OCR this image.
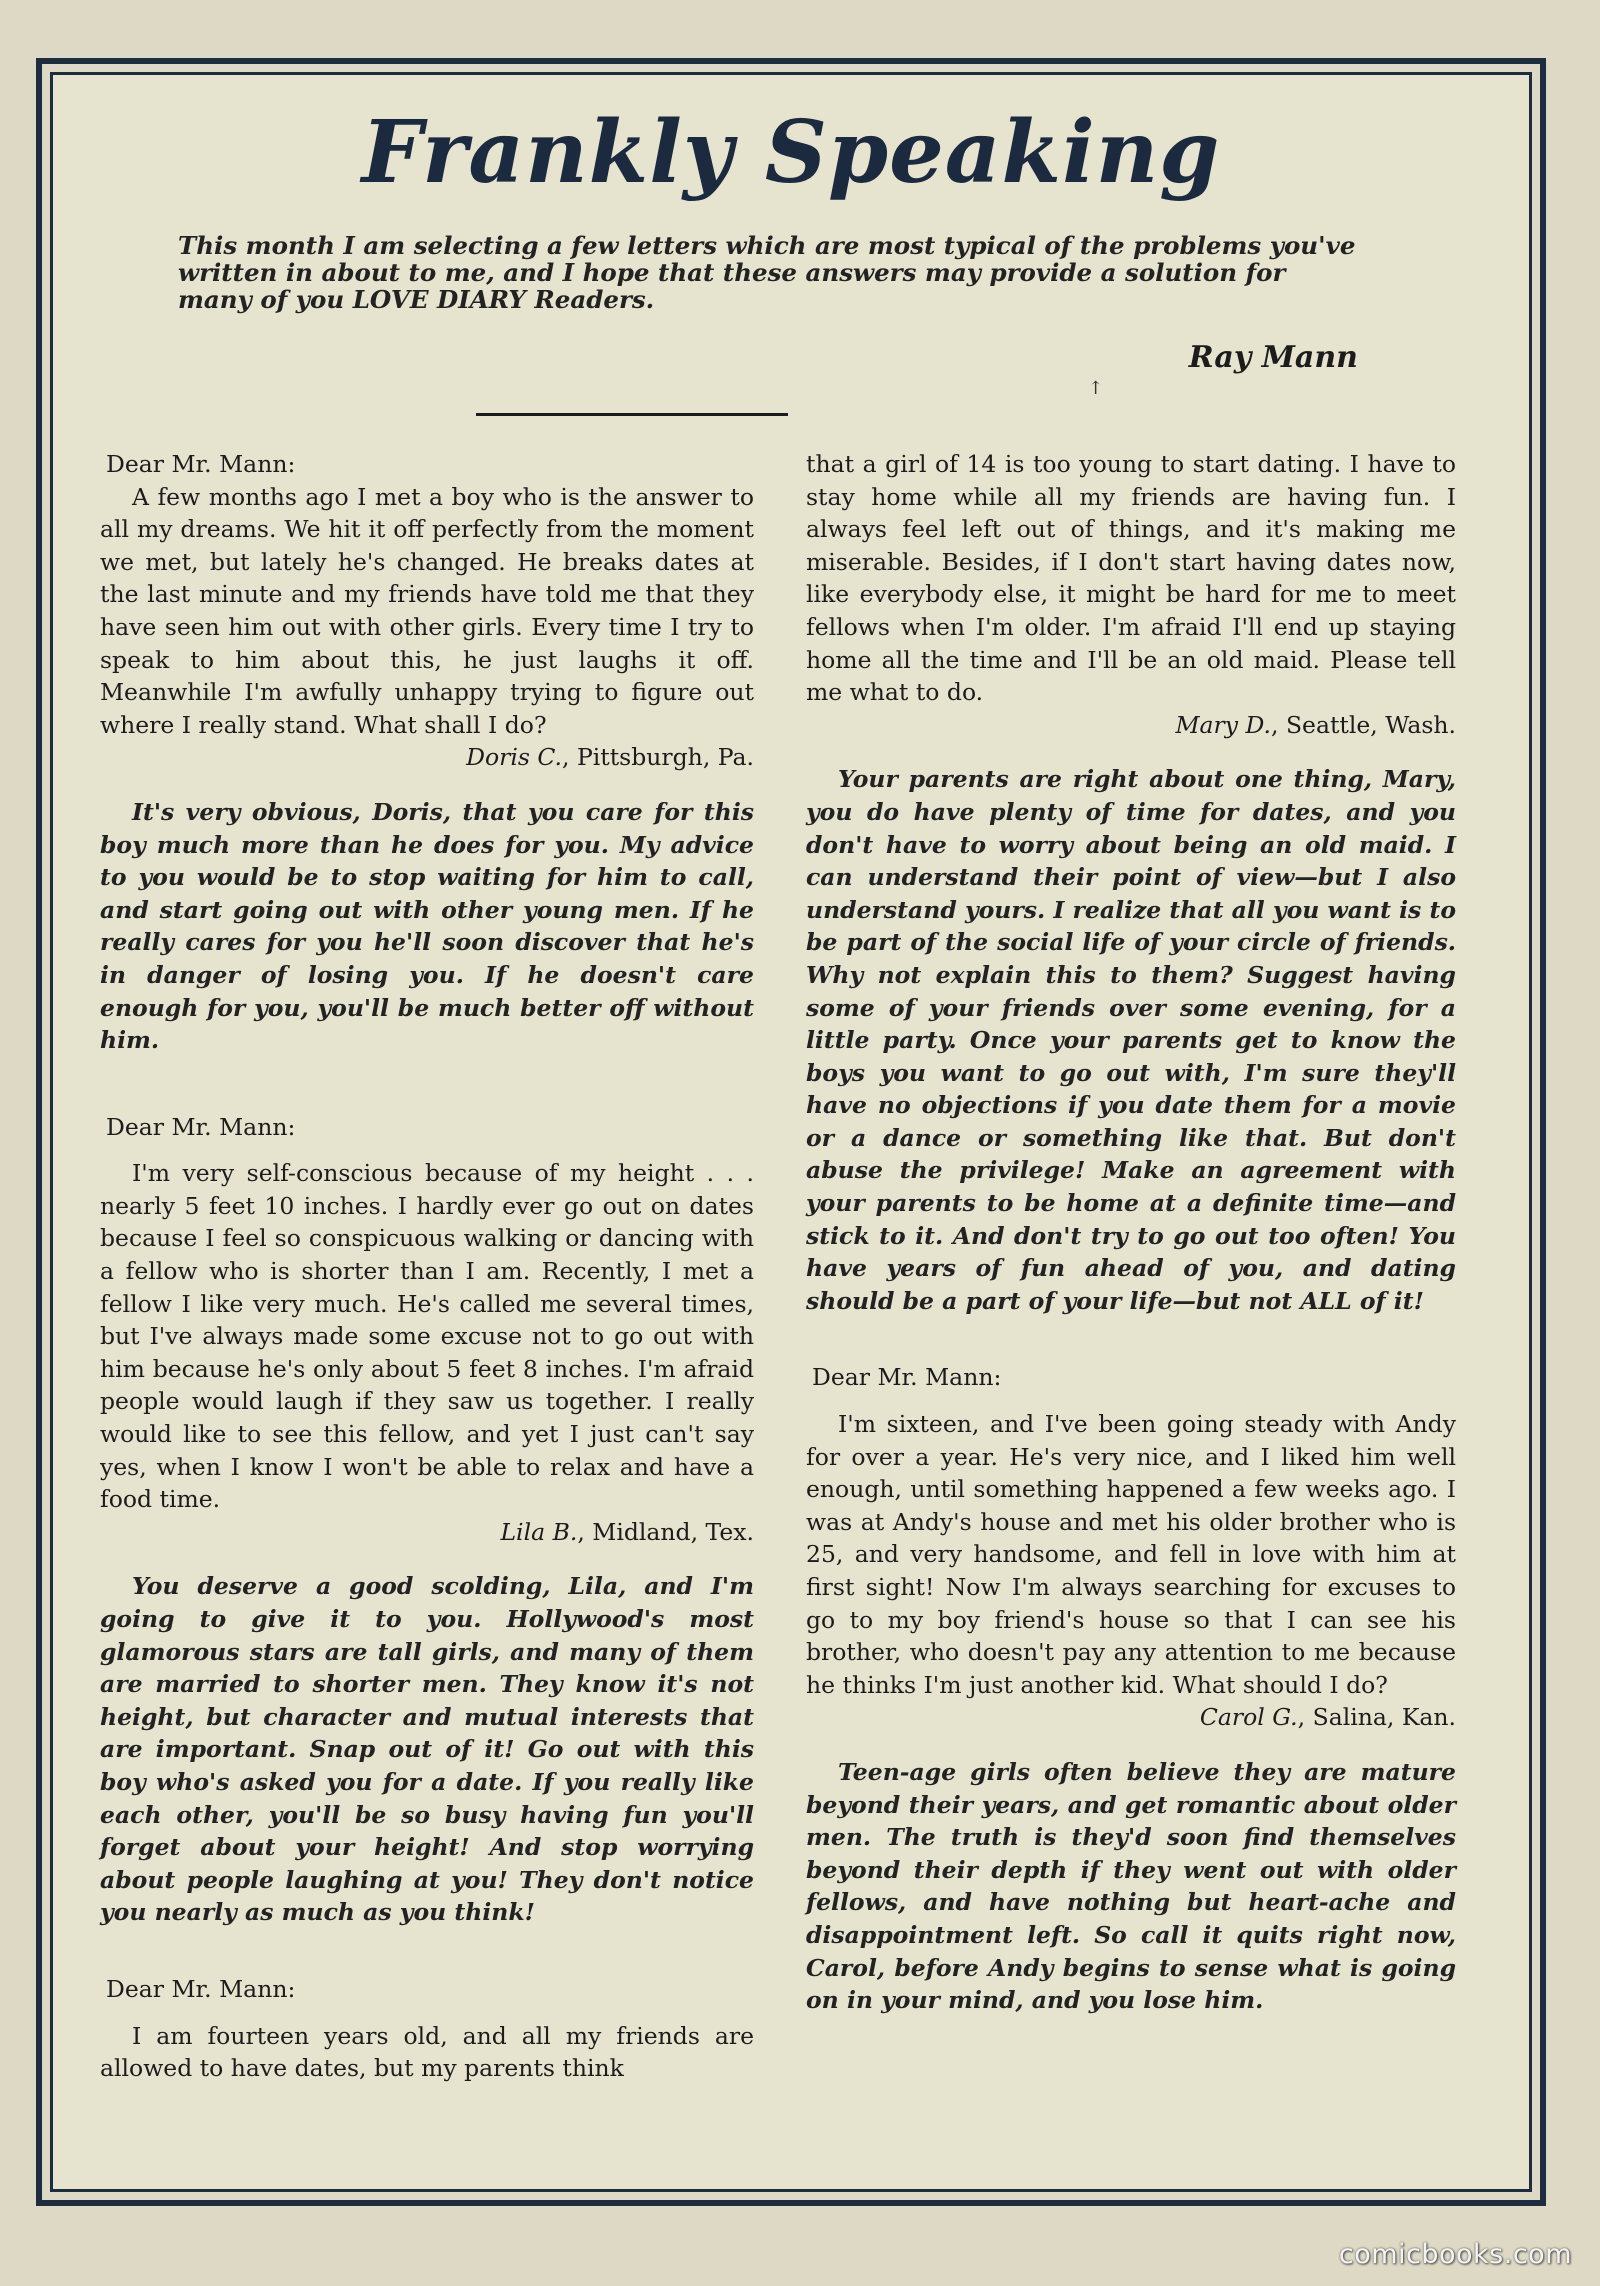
Frankly Speaking

This month I am selecting a few letters which are most typical of the problems you've written in about to me, and I hope that these answers may provide a solution for many of you LOVE DIARY Readers.

Ray Mann
↑

Dear Mr. Mann:

A few months ago I met a boy who is the answer to all my dreams. We hit it off perfectly from the moment we met, but lately he's changed. He breaks dates at the last minute and my friends have told me that they have seen him out with other girls. Every time I try to speak to him about this, he just laughs it off. Meanwhile I'm awfully unhappy trying to figure out where I really stand. What shall I do?

Doris C., Pittsburgh, Pa.

It's very obvious, Doris, that you care for this boy much more than he does for you. My advice to you would be to stop waiting for him to call, and start going out with other young men. If he really cares for you he'll soon discover that he's in danger of losing you. If he doesn't care enough for you, you'll be much better off without him.

Dear Mr. Mann:

I'm very self-conscious because of my height . . . nearly 5 feet 10 inches. I hardly ever go out on dates because I feel so conspicuous walking or dancing with a fellow who is shorter than I am. Recently, I met a fellow I like very much. He's called me several times, but I've always made some excuse not to go out with him because he's only about 5 feet 8 inches. I'm afraid people would laugh if they saw us together. I really would like to see this fellow, and yet I just can't say yes, when I know I won't be able to relax and have a food time.

Lila B., Midland, Tex.

You deserve a good scolding, Lila, and I'm going to give it to you. Hollywood's most glamorous stars are tall girls, and many of them are married to shorter men. They know it's not height, but character and mutual interests that are important. Snap out of it! Go out with this boy who's asked you for a date. If you really like each other, you'll be so busy having fun you'll forget about your height! And stop worrying about people laughing at you! They don't notice you nearly as much as you think!

Dear Mr. Mann:

I am fourteen years old, and all my friends are allowed to have dates, but my parents think

that a girl of 14 is too young to start dating. I have to stay home while all my friends are having fun. I always feel left out of things, and it's making me miserable. Besides, if I don't start having dates now, like everybody else, it might be hard for me to meet fellows when I'm older. I'm afraid I'll end up staying home all the time and I'll be an old maid. Please tell me what to do.

Mary D., Seattle, Wash.

Your parents are right about one thing, Mary, you do have plenty of time for dates, and you don't have to worry about being an old maid. I can understand their point of view—but I also understand yours. I realize that all you want is to be part of the social life of your circle of friends. Why not explain this to them? Suggest having some of your friends over some evening, for a little party. Once your parents get to know the boys you want to go out with, I'm sure they'll have no objections if you date them for a movie or a dance or something like that. But don't abuse the privilege! Make an agreement with your parents to be home at a definite time—and stick to it. And don't try to go out too often! You have years of fun ahead of you, and dating should be a part of your life—but not ALL of it!

Dear Mr. Mann:

I'm sixteen, and I've been going steady with Andy for over a year. He's very nice, and I liked him well enough, until something happened a few weeks ago. I was at Andy's house and met his older brother who is 25, and very handsome, and fell in love with him at first sight! Now I'm always searching for excuses to go to my boy friend's house so that I can see his brother, who doesn't pay any attention to me because he thinks I'm just another kid. What should I do?

Carol G., Salina, Kan.

Teen-age girls often believe they are mature beyond their years, and get romantic about older men. The truth is they'd soon find themselves beyond their depth if they went out with older fellows, and have nothing but heart-ache and disappointment left. So call it quits right now, Carol, before Andy begins to sense what is going on in your mind, and you lose him.

comicbooks.com
